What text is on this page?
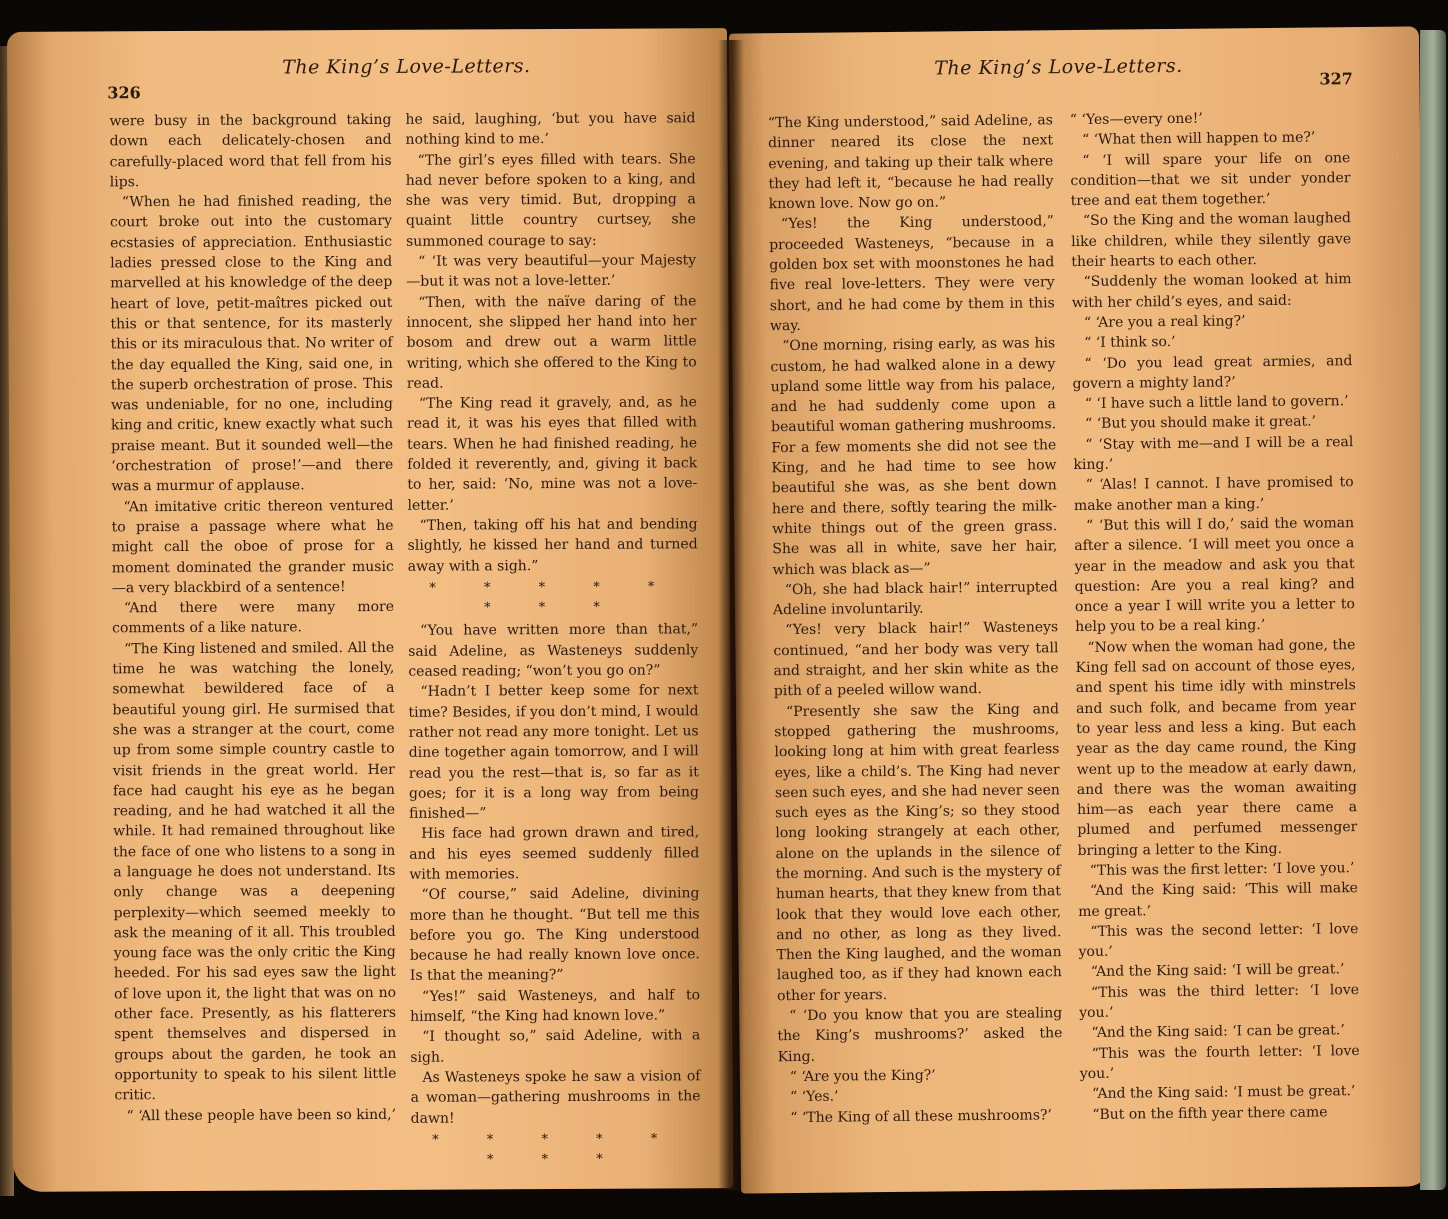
326
The King’s Love-Letters.

were busy in the background taking down each delicately-chosen and carefully-placed word that fell from his lips.

“When he had finished reading, the court broke out into the customary ecstasies of appreciation. Enthusiastic ladies pressed close to the King and marvelled at his knowledge of the deep heart of love, petit-maîtres picked out this or that sentence, for its masterly this or its miraculous that. No writer of the day equalled the King, said one, in the superb orchestration of prose. This was undeniable, for no one, including king and critic, knew exactly what such praise meant. But it sounded well—the ‘orchestration of prose!’—and there was a murmur of applause.

“An imitative critic thereon ventured to praise a passage where what he might call the oboe of prose for a moment dominated the grander music—a very blackbird of a sentence!

“And there were many more comments of a like nature.

“The King listened and smiled. All the time he was watching the lonely, somewhat bewildered face of a beautiful young girl. He surmised that she was a stranger at the court, come up from some simple country castle to visit friends in the great world. Her face had caught his eye as he began reading, and he had watched it all the while. It had remained throughout like the face of one who listens to a song in a language he does not understand. Its only change was a deepening perplexity—which seemed meekly to ask the meaning of it all. This troubled young face was the only critic the King heeded. For his sad eyes saw the light of love upon it, the light that was on no other face. Presently, as his flatterers spent themselves and dispersed in groups about the garden, he took an opportunity to speak to his silent little critic.

“ ‘All these people have been so kind,’

he said, laughing, ‘but you have said nothing kind to me.’

“The girl’s eyes filled with tears. She had never before spoken to a king, and she was very timid. But, dropping a quaint little country curtsey, she summoned courage to say:

“ ‘It was very beautiful—your Majesty—but it was not a love-letter.’

“Then, with the naïve daring of the innocent, she slipped her hand into her bosom and drew out a warm little writing, which she offered to the King to read.

“The King read it gravely, and, as he read it, it was his eyes that filled with tears. When he had finished reading, he folded it reverently, and, giving it back to her, said: ‘No, mine was not a love-letter.’

“Then, taking off his hat and bending slightly, he kissed her hand and turned away with a sigh.”

* * * * * * * *

“You have written more than that,” said Adeline, as Wasteneys suddenly ceased reading; “won’t you go on?”

“Hadn’t I better keep some for next time? Besides, if you don’t mind, I would rather not read any more tonight. Let us dine together again tomorrow, and I will read you the rest—that is, so far as it goes; for it is a long way from being finished—”

His face had grown drawn and tired, and his eyes seemed suddenly filled with memories.

“Of course,” said Adeline, divining more than he thought. “But tell me this before you go. The King understood because he had really known love once. Is that the meaning?”

“Yes!” said Wasteneys, and half to himself, “the King had known love.”

“I thought so,” said Adeline, with a sigh.

As Wasteneys spoke he saw a vision of a woman—gathering mushrooms in the dawn!

* * * * * * * *

The King’s Love-Letters.	327

“The King understood,” said Adeline, as dinner neared its close the next evening, and taking up their talk where they had left it, “because he had really known love. Now go on.”

“Yes! the King understood,” proceeded Wasteneys, “because in a golden box set with moonstones he had five real love-letters. They were very short, and he had come by them in this way.

“One morning, rising early, as was his custom, he had walked alone in a dewy upland some little way from his palace, and he had suddenly come upon a beautiful woman gathering mushrooms. For a few moments she did not see the King, and he had time to see how beautiful she was, as she bent down here and there, softly tearing the milk-white things out of the green grass. She was all in white, save her hair, which was black as—”

“Oh, she had black hair!” interrupted Adeline involuntarily.

“Yes! very black hair!” Wasteneys continued, “and her body was very tall and straight, and her skin white as the pith of a peeled willow wand.

“Presently she saw the King and stopped gathering the mushrooms, looking long at him with great fearless eyes, like a child’s. The King had never seen such eyes, and she had never seen such eyes as the King’s; so they stood long looking strangely at each other, alone on the uplands in the silence of the morning. And such is the mystery of human hearts, that they knew from that look that they would love each other, and no other, as long as they lived. Then the King laughed, and the woman laughed too, as if they had known each other for years.

“ ‘Do you know that you are stealing the King’s mushrooms?’ asked the King.

“ ‘Are you the King?’

“ ‘Yes.’

“ ‘The King of all these mushrooms?’

“ ‘Yes—every one!’

“ ‘What then will happen to me?’

“ ‘I will spare your life on one condition—that we sit under yonder tree and eat them together.’

“So the King and the woman laughed like children, while they silently gave their hearts to each other.

“Suddenly the woman looked at him with her child’s eyes, and said:

“ ‘Are you a real king?’

“ ‘I think so.’

“ ‘Do you lead great armies, and govern a mighty land?’

“ ‘I have such a little land to govern.’

“ ‘But you should make it great.’

“ ‘Stay with me—and I will be a real king.’

“ ‘Alas! I cannot. I have promised to make another man a king.’

“ ‘But this will I do,’ said the woman after a silence. ‘I will meet you once a year in the meadow and ask you that question: Are you a real king? and once a year I will write you a letter to help you to be a real king.’

“Now when the woman had gone, the King fell sad on account of those eyes, and spent his time idly with minstrels and such folk, and became from year to year less and less a king. But each year as the day came round, the King went up to the meadow at early dawn, and there was the woman awaiting him—as each year there came a plumed and perfumed messenger bringing a letter to the King.

“This was the first letter: ‘I love you.’

“And the King said: ‘This will make me great.’

“This was the second letter: ‘I love you.’

“And the King said: ‘I will be great.’

“This was the third letter: ‘I love you.’

“And the King said: ‘I can be great.’

“This was the fourth letter: ‘I love you.’

“And the King said: ‘I must be great.’

“But on the fifth year there came
